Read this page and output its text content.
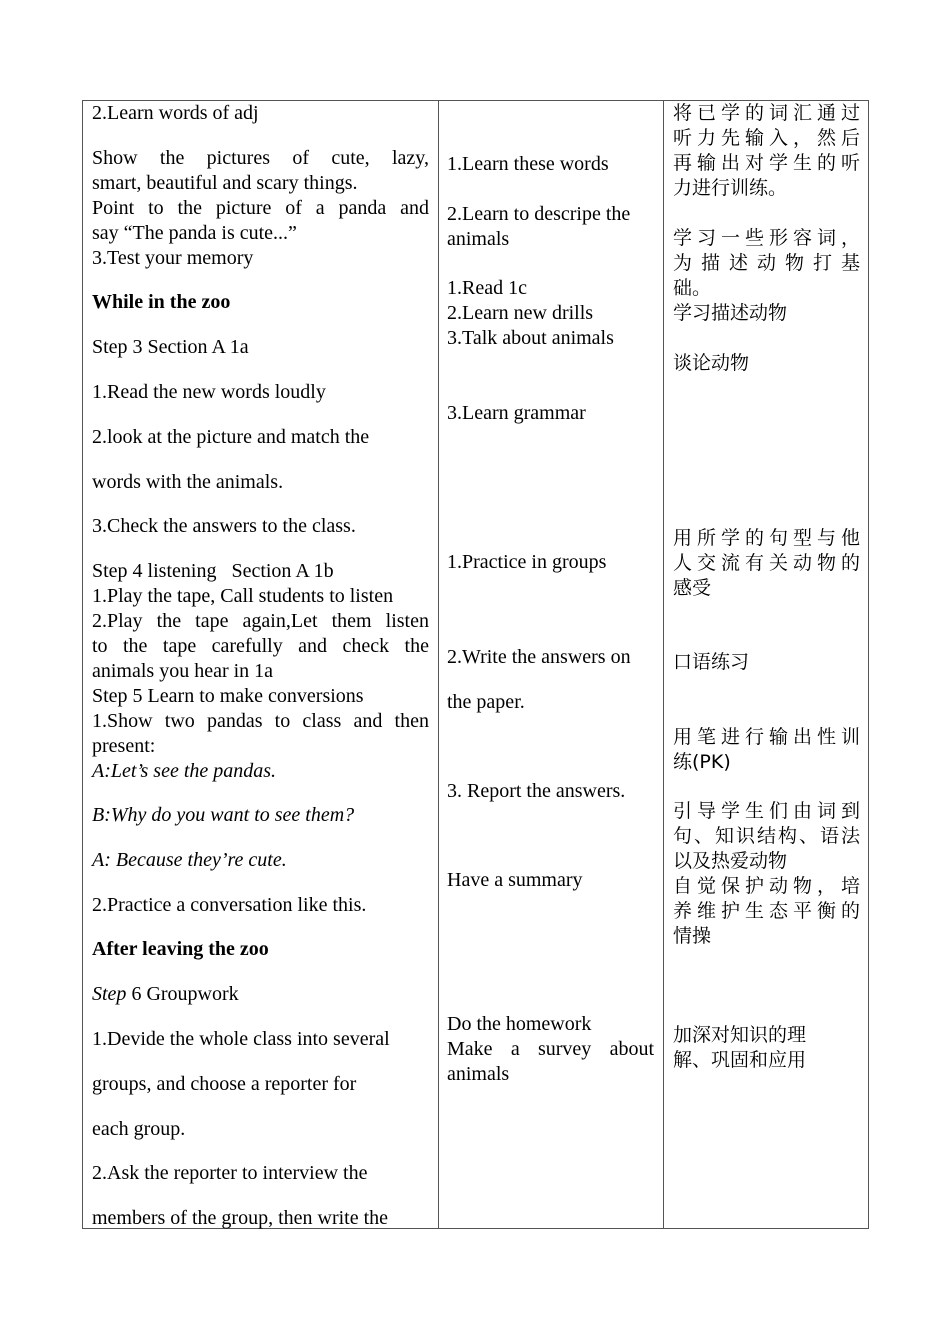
2.Learn words of adj
Show the pictures of cute, lazy,
smart, beautiful and scary things.
Point to the picture of a panda and
say “The panda is cute...”
3.Test your memory
While in the zoo
Step 3 Section A 1a
1.Read the new words loudly
2.look at the picture and match the
words with the animals.
3.Check the answers to the class.
Step 4 listening   Section A 1b
1.Play the tape, Call students to listen
2.Play the tape again,Let them listen
to the tape carefully and check the
animals you hear in 1a
Step 5 Learn to make conversions
1.Show two pandas to class and then
present:
A:Let’s see the pandas.
B:Why do you want to see them?
A: Because they’re cute.
2.Practice a conversation like this.
After leaving the zoo
Step 6 Groupwork
1.Devide the whole class into several
groups, and choose a reporter for
each group.
2.Ask the reporter to interview the
members of the group, then write the
1.Learn these words
2.Learn to descripe the
animals
1.Read 1c
2.Learn new drills
3.Talk about animals
3.Learn grammar
1.Practice in groups
2.Write the answers on
the paper.
3. Report the answers.
Have a summary
Do the homework
Make a survey about
animals
将已学的词汇通过
听力先输入，然后
再输出对学生的听
力进行训练。
学习一些形容词，
为描述动物打基
础。
学习描述动物
谈论动物
用所学的句型与他
人交流有关动物的
感受
口语练习
用笔进行输出性训
练(PK)
引导学生们由词到
句、知识结构、语法
以及热爱动物
自觉保护动物，培
养维护生态平衡的
情操
加深对知识的理
解、巩固和应用
